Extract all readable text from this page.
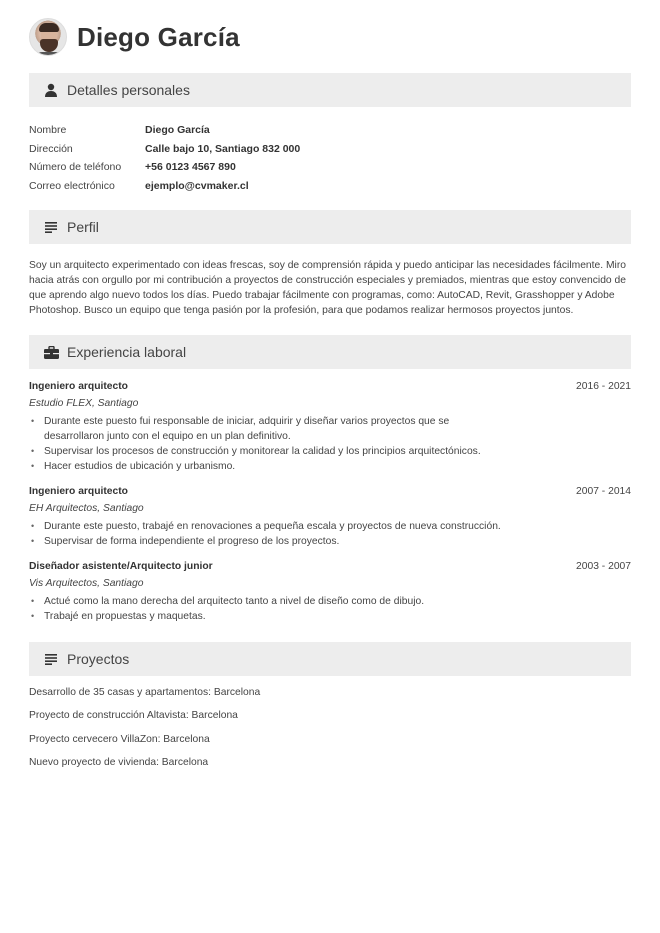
Diego García
Detalles personales
Nombre	Diego García
Dirección	Calle bajo 10, Santiago 832 000
Número de teléfono	+56 0123 4567 890
Correo electrónico	ejemplo@cvmaker.cl
Perfil

Soy un arquitecto experimentado con ideas frescas, soy de comprensión rápida y puedo anticipar las necesidades fácilmente. Miro hacia atrás con orgullo por mi contribución a proyectos de construcción especiales y premiados, mientras que estoy convencido de que aprendo algo nuevo todos los días. Puedo trabajar fácilmente con programas, como: AutoCAD, Revit, Grasshopper y Adobe Photoshop. Busco un equipo que tenga pasión por la profesión, para que podamos realizar hermosos proyectos juntos.

Experiencia laboral
Ingeniero arquitecto	2016 - 2021
Estudio FLEX, Santiago
• Durante este puesto fui responsable de iniciar, adquirir y diseñar varios proyectos que se desarrollaron junto con el equipo en un plan definitivo.
• Supervisar los procesos de construcción y monitorear la calidad y los principios arquitectónicos.
• Hacer estudios de ubicación y urbanismo.
Ingeniero arquitecto	2007 - 2014
EH Arquitectos, Santiago
• Durante este puesto, trabajé en renovaciones a pequeña escala y proyectos de nueva construcción.
• Supervisar de forma independiente el progreso de los proyectos.
Diseñador asistente/Arquitecto junior	2003 - 2007
Vis Arquitectos, Santiago
• Actué como la mano derecha del arquitecto tanto a nivel de diseño como de dibujo.
• Trabajé en propuestas y maquetas.
Proyectos
Desarrollo de 35 casas y apartamentos: Barcelona
Proyecto de construcción Altavista: Barcelona
Proyecto cervecero VillaZon: Barcelona
Nuevo proyecto de vivienda: Barcelona
